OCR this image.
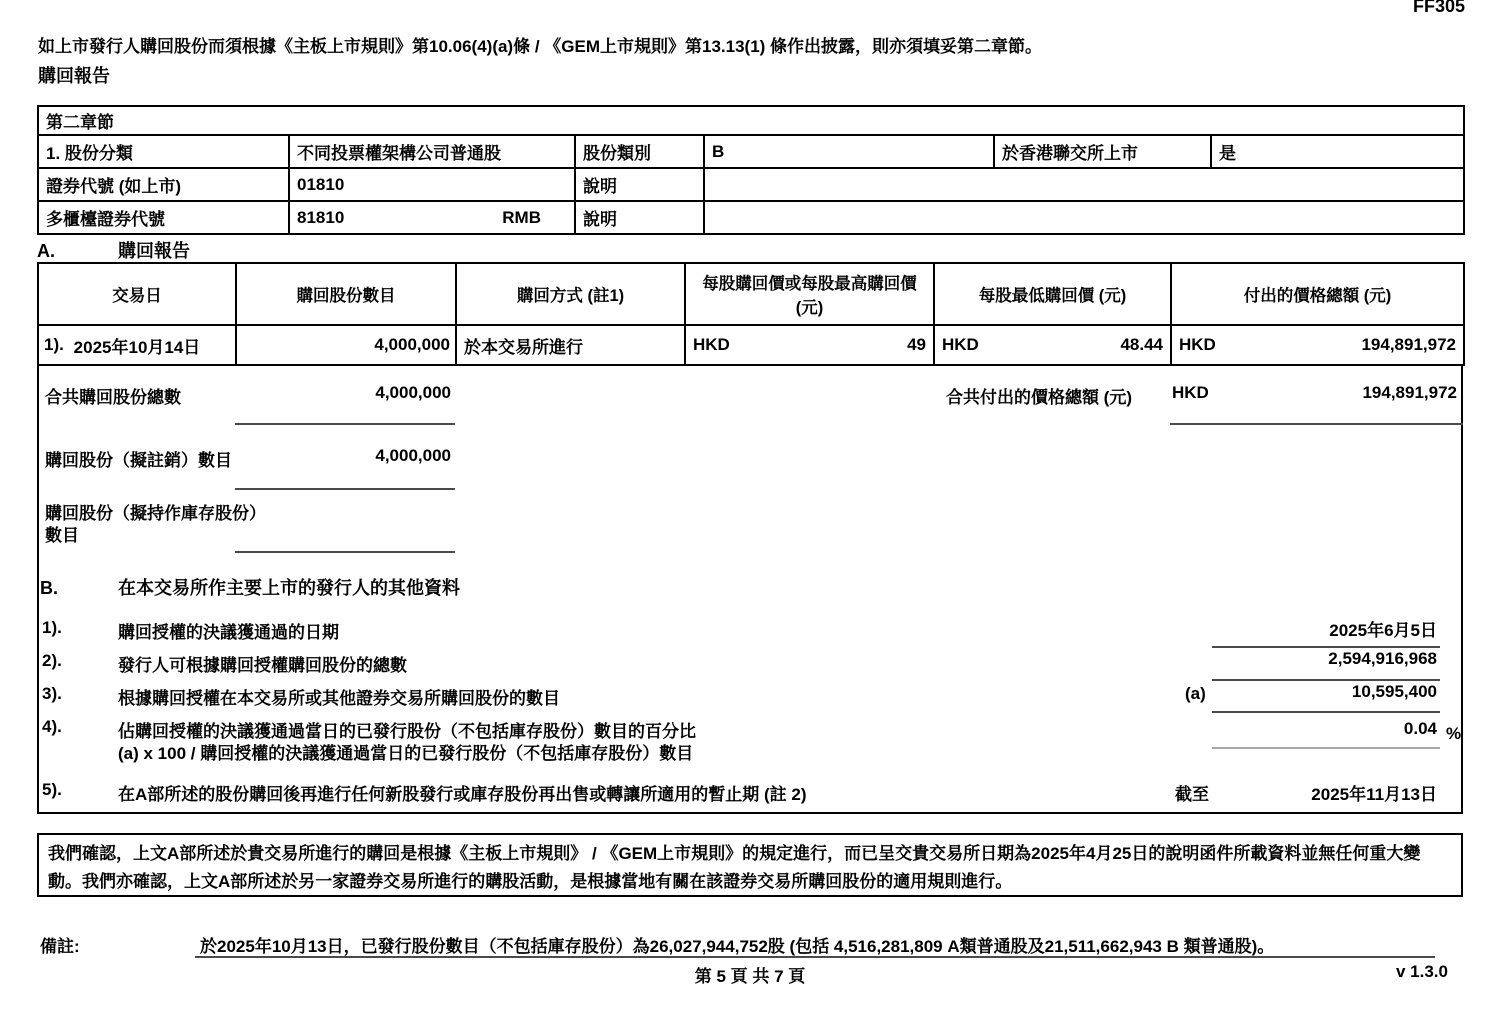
FF305
如上市發行人購回股份而須根據《主板上市規則》第10.06(4)(a)條 / 《GEM上市規則》第13.13(1) 條作出披露，則亦須填妥第二章節。
購回報告
第二章節					
1. 股份分類	不同投票權架構公司普通股	股份類別	B	於香港聯交所上市	是
證券代號 (如上市)	01810	說明			
多櫃檯證券代號	81810 RMB	說明			
A.	購回報告
交易日	購回股份數目	購回方式 (註1)	每股購回價或每股最高購回價 (元)	每股最低購回價 (元)	付出的價格總額 (元)

1). 2025年10月14日	4,000,000	於本交易所進行	HKD 49	HKD 48.44	HKD 194,891,972
合共購回股份總數	4,000,000	合共付出的價格總額 (元) HKD	194,891,972
購回股份（擬註銷）數目	4,000,000
購回股份（擬持作庫存股份）
數目
B.	在本交易所作主要上市的發行人的其他資料
1).	購回授權的決議獲通過的日期	2025年6月5日
2).	發行人可根據購回授權購回股份的總數	2,594,916,968
3).	根據購回授權在本交易所或其他證券交易所購回股份的數目	(a)	10,595,400
4).	佔購回授權的決議獲通過當日的已發行股份（不包括庫存股份）數目的百分比
(a) x 100 / 購回授權的決議獲通過當日的已發行股份（不包括庫存股份）數目
0.04 %
5).	在A部所述的股份購回後再進行任何新股發行或庫存股份再出售或轉讓所適用的暫止期 (註 2)	截至	2025年11月13日
我們確認，上文A部所述於貴交易所進行的購回是根據《主板上市規則》 / 《GEM上市規則》的規定進行，而已呈交貴交易所日期為2025年4月25日的說明函件所載資料並無任何重大變動。我們亦確認，上文A部所述於另一家證券交易所進行的購股活動，是根據當地有關在該證券交易所購回股份的適用規則進行。
備註:	於2025年10月13日，已發行股份數目（不包括庫存股份）為26,027,944,752股 (包括 4,516,281,809 A類普通股及21,511,662,943 B 類普通股)。
第 5 頁 共 7 頁	v 1.3.0
